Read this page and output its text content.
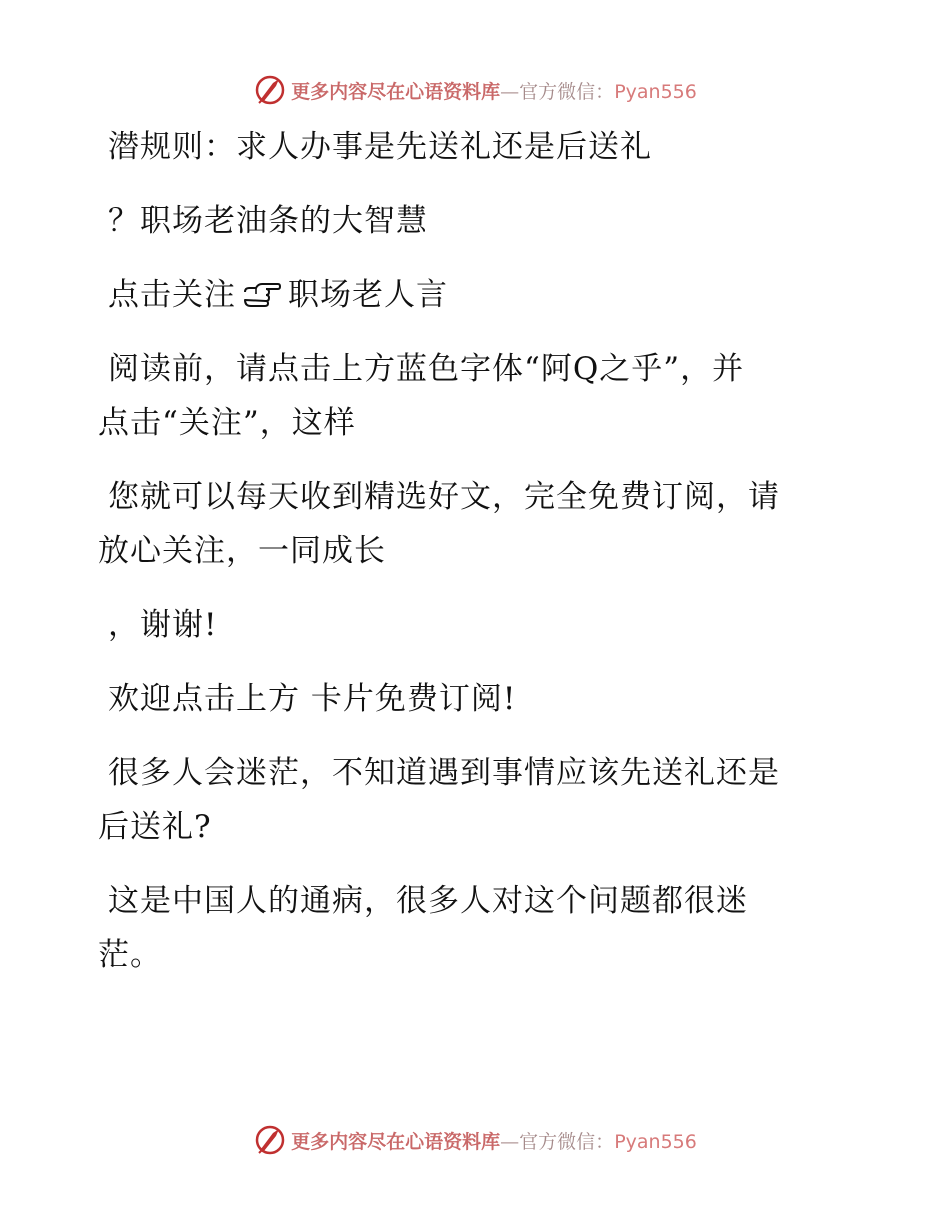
更多内容尽在心语资料库—官方微信：Pyan556
潜规则：求人办事是先送礼还是后送礼
？职场老油条的大智慧
点击关注 职场老人言
阅读前，请点击上方蓝色字体“阿Q之乎”，并
点击“关注”，这样
您就可以每天收到精选好文，完全免费订阅，请
放心关注，一同成长
，谢谢!
欢迎点击上方 卡片免费订阅!
很多人会迷茫，不知道遇到事情应该先送礼还是
后送礼?
这是中国人的通病，很多人对这个问题都很迷
茫。
更多内容尽在心语资料库—官方微信：Pyan556
